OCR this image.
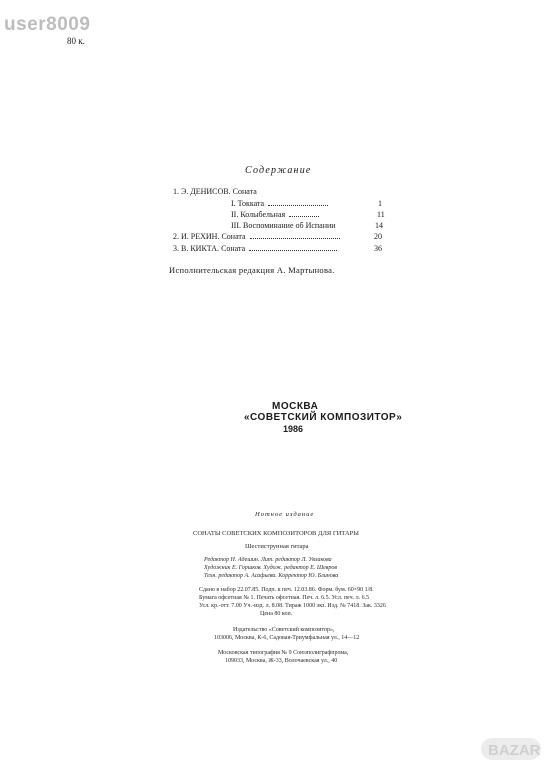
user8009
80 к.
Содержание
1. Э. ДЕНИСОВ. Соната
I. Токката	1
II. Колыбельная	11
III. Воспоминание об Испании	14
2. И. РЕХИН. Соната	20
3. В. КИКТА. Соната	36
Исполнительская редакция А. Мартынова.
МОСКВА
«СОВЕТСКИЙ КОМПОЗИТОР»
1986
Нотное издание
СОНАТЫ СОВЕТСКИХ КОМПОЗИТОРОВ ДЛЯ ГИТАРЫ
Шестиструнная гитара
Редактор Н. Адешин. Лит. редактор Л. Увлакова
Художник Е. Горшков. Худож. редактор Е. Шевров
Техн. редактор А. Асафьева. Корректор Ю. Блинова
Сдано в набор 22.07.85. Подп. к печ. 12.03.86. Форм. бум. 60×90 1/8.
Бумага офсетная № 1. Печать офсетная. Печ. л. 6.5. Усл. печ. л. 6.5
Усл. кр.-отт. 7.00 Уч.-изд. л. 8.08. Тираж 1000 экз. Изд. № 7418. Зак. 3326
Цена 80 коп.
Издательство «Советский композитор»,
103006, Москва, К-6, Садовая-Триумфальная ул., 14—12
Московская типография № 9 Союзполиграфпрома,
109033, Москва, Ж-33, Волочаевская ул., 40
BAZAR
